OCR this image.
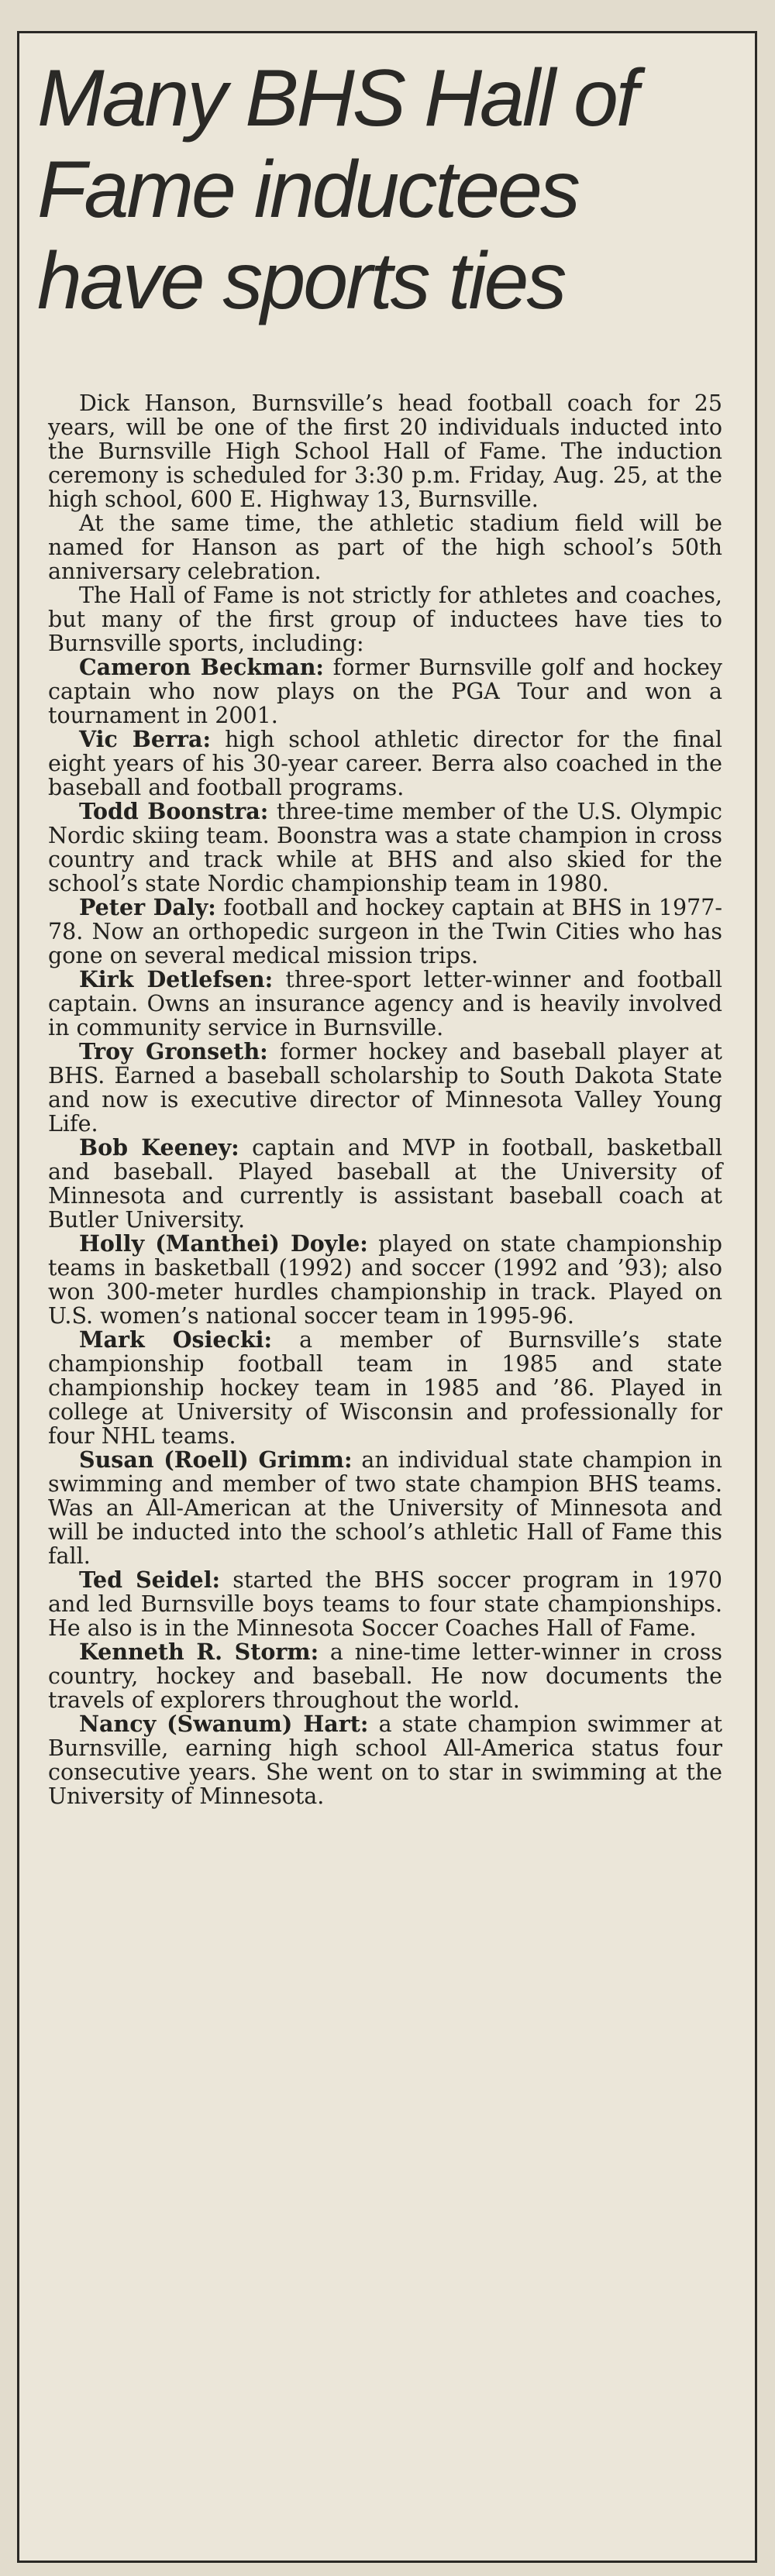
Many BHS Hall of Fame inductees have sports ties

Dick Hanson, Burnsville’s head football coach for 25 years, will be one of the first 20 individuals inducted into the Burnsville High School Hall of Fame. The induction ceremony is scheduled for 3:30 p.m. Friday, Aug. 25, at the high school, 600 E. Highway 13, Burnsville.

At the same time, the athletic stadium field will be named for Hanson as part of the high school’s 50th anniversary celebration.

The Hall of Fame is not strictly for athletes and coaches, but many of the first group of inductees have ties to Burnsville sports, including:

Cameron Beckman: former Burnsville golf and hockey captain who now plays on the PGA Tour and won a tournament in 2001.

Vic Berra: high school athletic director for the final eight years of his 30-year career. Berra also coached in the baseball and football programs.

Todd Boonstra: three-time member of the U.S. Olympic Nordic skiing team. Boonstra was a state champion in cross country and track while at BHS and also skied for the school’s state Nordic championship team in 1980.

Peter Daly: football and hockey captain at BHS in 1977-78. Now an orthopedic surgeon in the Twin Cities who has gone on several medical mission trips.

Kirk Detlefsen: three-sport letter-winner and football captain. Owns an insurance agency and is heavily involved in community service in Burnsville.

Troy Gronseth: former hockey and baseball player at BHS. Earned a baseball scholarship to South Dakota State and now is executive director of Minnesota Valley Young Life.

Bob Keeney: captain and MVP in football, basketball and baseball. Played baseball at the University of Minnesota and currently is assistant baseball coach at Butler University.

Holly (Manthei) Doyle: played on state championship teams in basketball (1992) and soccer (1992 and ’93); also won 300-meter hurdles championship in track. Played on U.S. women’s national soccer team in 1995-96.

Mark Osiecki: a member of Burnsville’s state championship football team in 1985 and state championship hockey team in 1985 and ’86. Played in college at University of Wisconsin and professionally for four NHL teams.

Susan (Roell) Grimm: an individual state champion in swimming and member of two state champion BHS teams. Was an All-American at the University of Minnesota and will be inducted into the school’s athletic Hall of Fame this fall.

Ted Seidel: started the BHS soccer program in 1970 and led Burnsville boys teams to four state championships. He also is in the Minnesota Soccer Coaches Hall of Fame.

Kenneth R. Storm: a nine-time letter-winner in cross country, hockey and baseball. He now documents the travels of explorers throughout the world.

Nancy (Swanum) Hart: a state champion swimmer at Burnsville, earning high school All-America status four consecutive years. She went on to star in swimming at the University of Minnesota.
